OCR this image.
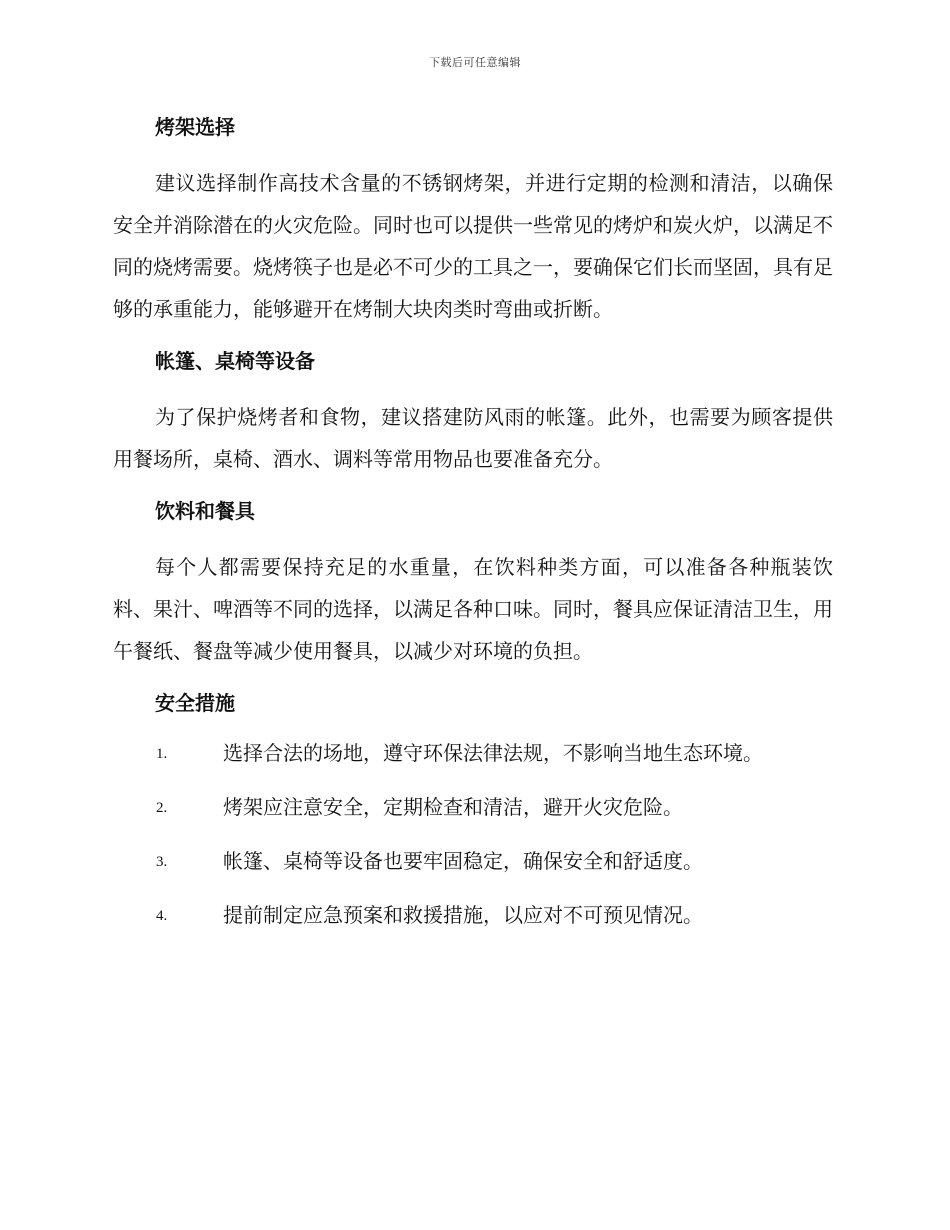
下载后可任意编辑
烤架选择

建议选择制作高技术含量的不锈钢烤架，并进行定期的检测和清洁，以确保安全并消除潜在的火灾危险。同时也可以提供一些常见的烤炉和炭火炉，以满足不同的烧烤需要。烧烤筷子也是必不可少的工具之一，要确保它们长而坚固，具有足够的承重能力，能够避开在烤制大块肉类时弯曲或折断。

帐篷、桌椅等设备

为了保护烧烤者和食物，建议搭建防风雨的帐篷。此外，也需要为顾客提供用餐场所，桌椅、酒水、调料等常用物品也要准备充分。

饮料和餐具

每个人都需要保持充足的水重量，在饮料种类方面，可以准备各种瓶装饮料、果汁、啤酒等不同的选择，以满足各种口味。同时，餐具应保证清洁卫生，用午餐纸、餐盘等减少使用餐具，以减少对环境的负担。

安全措施
1.	选择合法的场地，遵守环保法律法规，不影响当地生态环境。
2.	烤架应注意安全，定期检查和清洁，避开火灾危险。
3.	帐篷、桌椅等设备也要牢固稳定，确保安全和舒适度。
4.	提前制定应急预案和救援措施，以应对不可预见情况。
